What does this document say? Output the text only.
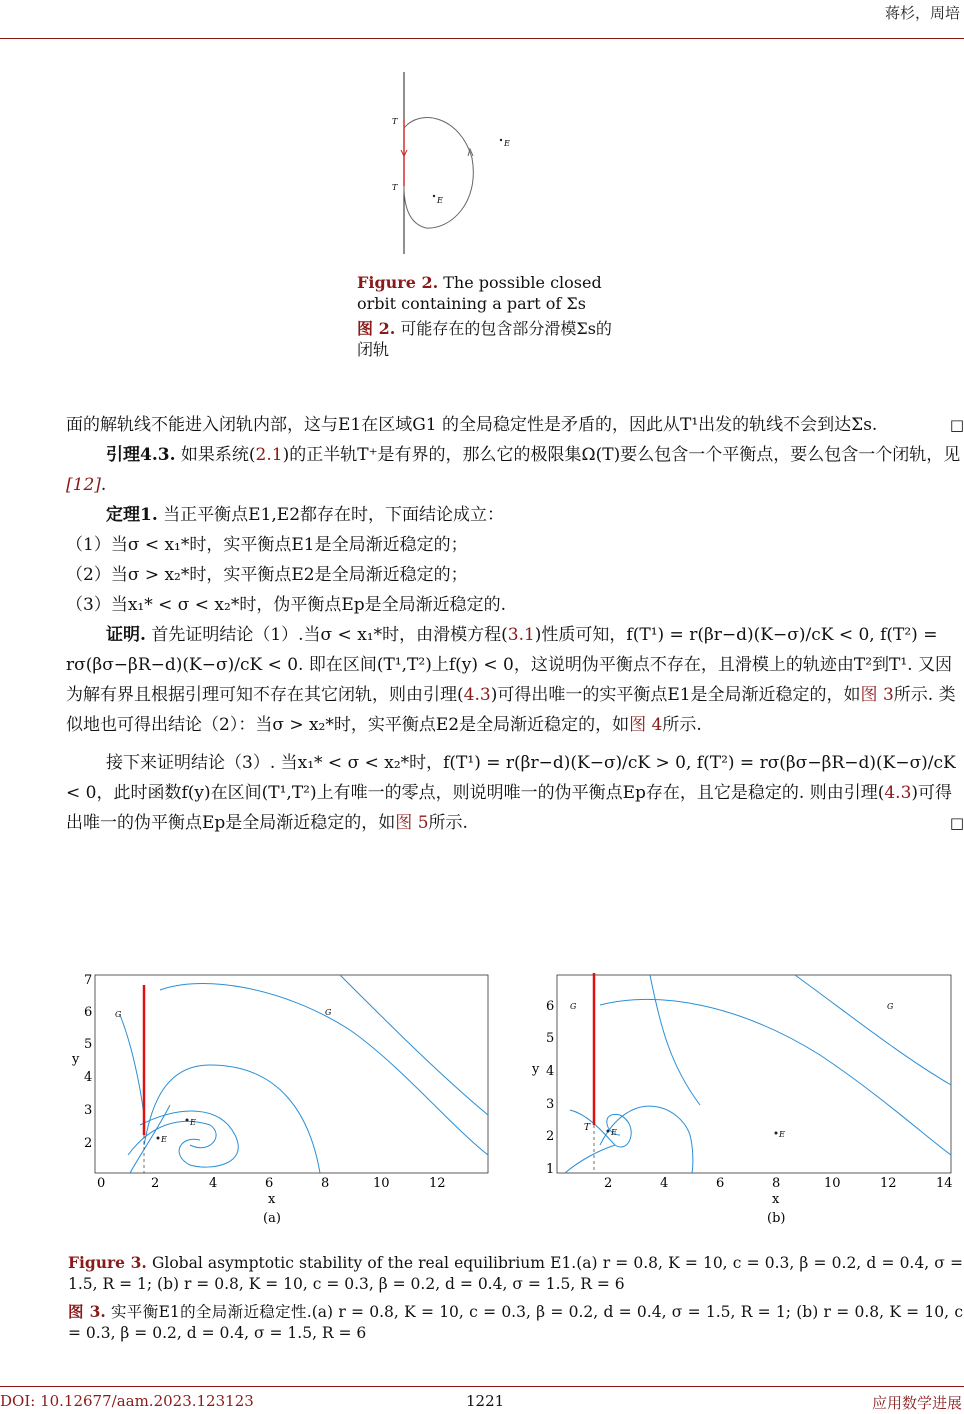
蒋杉，周培
T
T
E
E
Figure 2. The possible closed orbit containing a part of Σ̄s
图 2. 可能存在的包含部分滑模Σs的闭轨

面的解轨线不能进入闭轨内部，这与E1在区域G1 的全局稳定性是矛盾的，因此从T¹出发的轨线不会到达Σs.	□

引理4.3. 如果系统(2.1)的正半轨T⁺是有界的，那么它的极限集Ω(T)要么包含一个平衡点，要么包含一个闭轨，见 [12].

定理1. 当正平衡点E1,E2都存在时，下面结论成立：

（1）当σ < x₁*时，实平衡点E1是全局渐近稳定的；

（2）当σ > x₂*时，实平衡点E2是全局渐近稳定的；

（3）当x₁* < σ < x₂*时，伪平衡点Ep是全局渐近稳定的.

证明. 首先证明结论（1）.当σ < x₁*时，由滑模方程(3.1)性质可知，f(T¹) = r(βr−d)(K−σ)/cK < 0, f(T²) = rσ(βσ−βR−d)(K−σ)/cK < 0. 即在区间(T¹,T²)上f(y) < 0，这说明伪平衡点不存在，且滑模上的轨迹由T²到T¹. 又因为解有界且根据引理可知不存在其它闭轨，则由引理(4.3)可得出唯一的实平衡点E1是全局渐近稳定的，如图 3所示. 类似地也可得出结论（2）：当σ > x₂*时，实平衡点E2是全局渐近稳定的，如图 4所示.

接下来证明结论（3）. 当x₁* < σ < x₂*时，f(T¹) = r(βr−d)(K−σ)/cK > 0, f(T²) = rσ(βσ−βR−d)(K−σ)/cK < 0，此时函数f(y)在区间(T¹,T²)上有唯一的零点，则说明唯一的伪平衡点Ep存在，且它是稳定的. 则由引理(4.3)可得出唯一的伪平衡点Ep是全局渐近稳定的，如图 5所示.	□

E
E
G	G
0	2	4	6	8	10	12
2
3
4
5
6
7
x
y
(a)
E
E
T
G	G
2	4	6	8	10	12	14
1
2
3
4
5
6
x
y
(b)

Figure 3. Global asymptotic stability of the real equilibrium E1.(a) r = 0.8, K = 10, c = 0.3, β = 0.2, d = 0.4, σ = 1.5, R = 1; (b) r = 0.8, K = 10, c = 0.3, β = 0.2, d = 0.4, σ = 1.5, R = 6

图 3. 实平衡E1的全局渐近稳定性.(a) r = 0.8, K = 10, c = 0.3, β = 0.2, d = 0.4, σ = 1.5, R = 1; (b) r = 0.8, K = 10, c = 0.3, β = 0.2, d = 0.4, σ = 1.5, R = 6

DOI: 10.12677/aam.2023.123123	1221	应用数学进展
